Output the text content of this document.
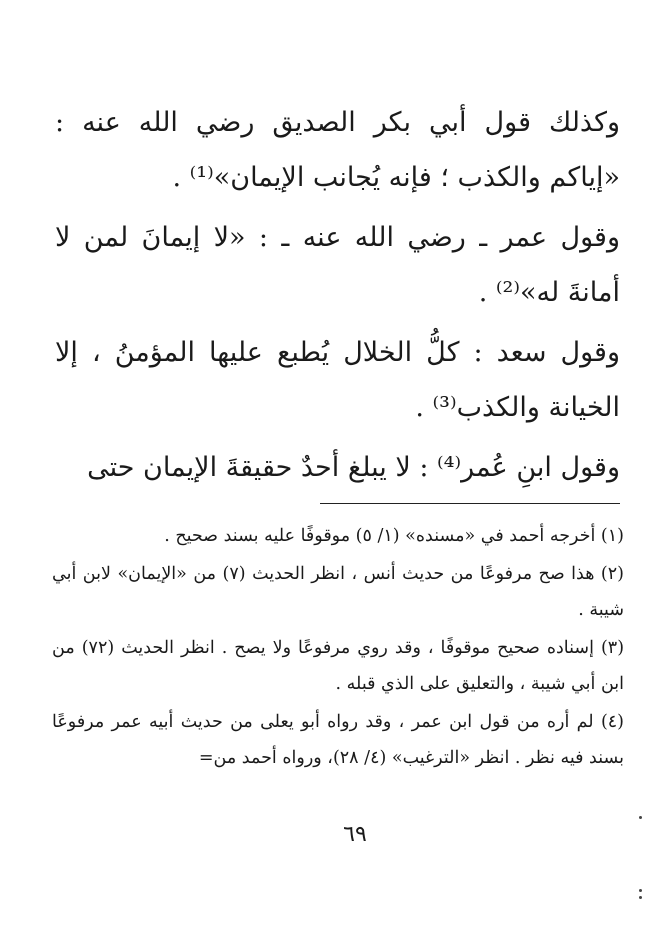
وكذلك قول أبي بكر الصديق رضي الله عنه : «إياكم والكذب ؛ فإنه يُجانب الإيمان»⁽¹⁾ .

وقول عمر ـ رضي الله عنه ـ : «لا إيمانَ لمن لا أمانةَ له»⁽²⁾ .

وقول سعد : كلُّ الخلال يُطبع عليها المؤمنُ ، إلا الخيانة والكذب⁽³⁾ .

وقول ابنِ عُمر⁽⁴⁾ : لا يبلغ أحدٌ حقيقةَ الإيمان حتى

(١) أخرجه أحمد في «مسنده» (١/ ٥) موقوفًا عليه بسند صحيح .

(٢) هذا صح مرفوعًا من حديث أنس ، انظر الحديث (٧) من «الإيمان» لابن أبي شيبة .

(٣) إسناده صحيح موقوفًا ، وقد روي مرفوعًا ولا يصح . انظر الحديث (٧٢) من ابن أبي شيبة ، والتعليق على الذي قبله .

(٤) لم أره من قول ابن عمر ، وقد رواه أبو يعلى من حديث أبيه عمر مرفوعًا بسند فيه نظر . انظر «الترغيب» (٤/ ٢٨)، ورواه أحمد من=

٦٩
